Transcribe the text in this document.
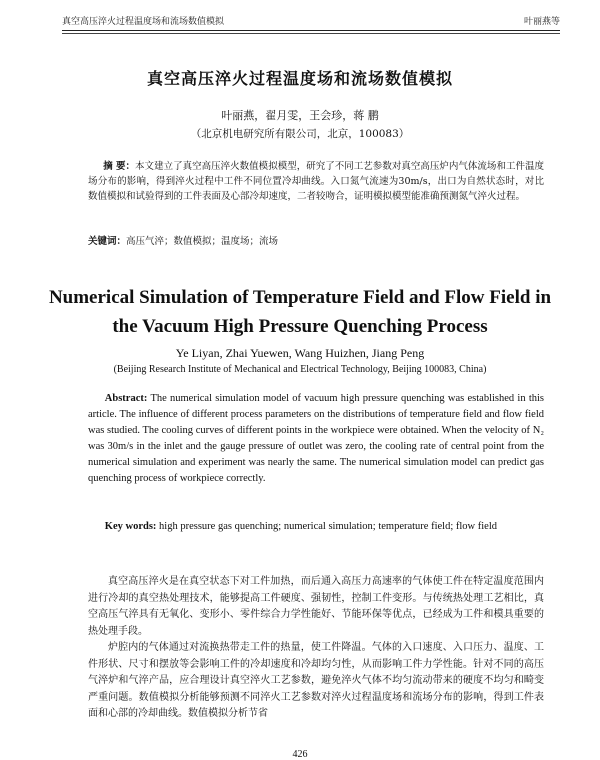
真空高压淬火过程温度场和流场数值模拟	叶丽燕等
真空高压淬火过程温度场和流场数值模拟
叶丽燕，翟月雯，王会珍，蒋 鹏
（北京机电研究所有限公司，北京，100083）
摘 要：本文建立了真空高压淬火数值模拟模型，研究了不同工艺参数对真空高压炉内气体流场和工件温度场分布的影响，得到淬火过程中工件不同位置冷却曲线。入口氮气流速为30m/s，出口为自然状态时，对比数值模拟和试验得到的工件表面及心部冷却速度，二者较吻合，证明模拟模型能准确预测氮气淬火过程。
关键词：高压气淬；数值模拟；温度场；流场
Numerical Simulation of Temperature Field and Flow Field in the Vacuum High Pressure Quenching Process
Ye Liyan, Zhai Yuewen, Wang Huizhen, Jiang Peng
(Beijing Research Institute of Mechanical and Electrical Technology, Beijing 100083, China)
Abstract: The numerical simulation model of vacuum high pressure quenching was established in this article. The influence of different process parameters on the distributions of temperature field and flow field was studied. The cooling curves of different points in the workpiece were obtained. When the velocity of N₂ was 30m/s in the inlet and the gauge pressure of outlet was zero, the cooling rate of central point from the numerical simulation and experiment was nearly the same. The numerical simulation model can predict gas quenching process of workpiece correctly.
Key words: high pressure gas quenching; numerical simulation; temperature field; flow field

真空高压淬火是在真空状态下对工件加热，而后通入高压力高速率的气体使工件在特定温度范围内进行冷却的真空热处理技术，能够提高工件硬度、强韧性，控制工件变形。与传统热处理工艺相比，真空高压气淬具有无氧化、变形小、零件综合力学性能好、节能环保等优点，已经成为工件和模具重要的热处理手段。

炉腔内的气体通过对流换热带走工件的热量，使工件降温。气体的入口速度、入口压力、温度、工件形状、尺寸和摆放等会影响工件的冷却速度和冷却均匀性，从而影响工件力学性能。针对不同的高压气淬炉和气淬产品，应合理设计真空淬火工艺参数，避免淬火气体不均匀流动带来的硬度不均匀和畸变严重问题。数值模拟分析能够预测不同淬火工艺参数对淬火过程温度场和流场分布的影响，得到工件表面和心部的冷却曲线。数值模拟分析节省

426
